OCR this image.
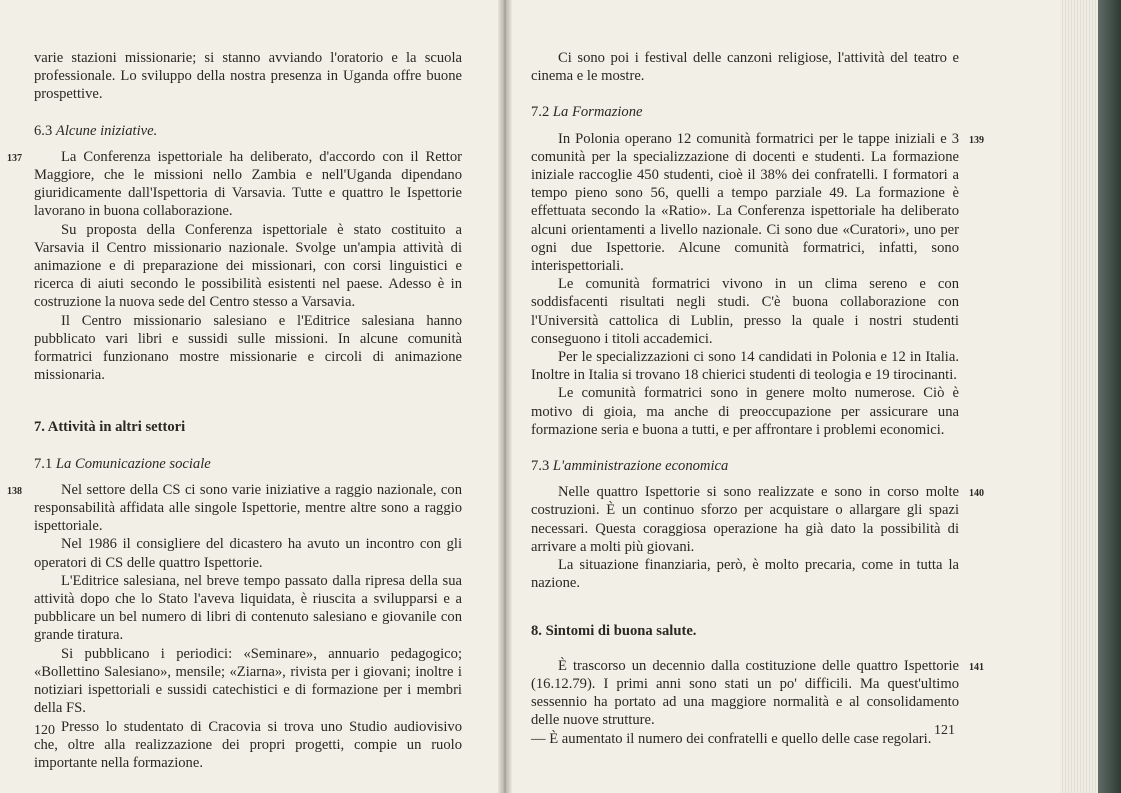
varie stazioni missionarie; si stanno avviando l'oratorio e la scuola professionale. Lo sviluppo della nostra presenza in Uganda offre buone prospettive.

6.3 Alcune iniziative.
137	La Conferenza ispettoriale ha deliberato, d'accordo con il Rettor Maggiore, che le missioni nello Zambia e nell'Uganda dipendano giuridicamente dall'Ispettoria di Varsavia. Tutte e quattro le Ispettorie lavorano in buona collaborazione.

Su proposta della Conferenza ispettoriale è stato costituito a Varsavia il Centro missionario nazionale. Svolge un'ampia attività di animazione e di preparazione dei missionari, con corsi linguistici e ricerca di aiuti secondo le possibilità esistenti nel paese. Adesso è in costruzione la nuova sede del Centro stesso a Varsavia.

Il Centro missionario salesiano e l'Editrice salesiana hanno pubblicato vari libri e sussidi sulle missioni. In alcune comunità formatrici funzionano mostre missionarie e circoli di animazione missionaria.

7. Attività in altri settori
7.1 La Comunicazione sociale
138	Nel settore della CS ci sono varie iniziative a raggio nazionale, con responsabilità affidata alle singole Ispettorie, mentre altre sono a raggio ispettoriale.

Nel 1986 il consigliere del dicastero ha avuto un incontro con gli operatori di CS delle quattro Ispettorie.

L'Editrice salesiana, nel breve tempo passato dalla ripresa della sua attività dopo che lo Stato l'aveva liquidata, è riuscita a svilupparsi e a pubblicare un bel numero di libri di contenuto salesiano e giovanile con grande tiratura.

Si pubblicano i periodici: «Seminare», annuario pedagogico; «Bollettino Salesiano», mensile; «Ziarna», rivista per i giovani; inoltre i notiziari ispettoriali e sussidi catechistici e di formazione per i membri della FS.

Presso lo studentato di Cracovia si trova uno Studio audiovisivo che, oltre alla realizzazione dei propri progetti, compie un ruolo importante nella formazione.

120

Ci sono poi i festival delle canzoni religiose, l'attività del teatro e cinema e le mostre.

7.2 La Formazione
139

In Polonia operano 12 comunità formatrici per le tappe iniziali e 3 comunità per la specializzazione di docenti e studenti. La formazione iniziale raccoglie 450 studenti, cioè il 38% dei confratelli. I formatori a tempo pieno sono 56, quelli a tempo parziale 49. La formazione è effettuata secondo la «Ratio». La Conferenza ispettoriale ha deliberato alcuni orientamenti a livello nazionale. Ci sono due «Curatori», uno per ogni due Ispettorie. Alcune comunità formatrici, infatti, sono interispettoriali.

Le comunità formatrici vivono in un clima sereno e con soddisfacenti risultati negli studi. C'è buona collaborazione con l'Università cattolica di Lublin, presso la quale i nostri studenti conseguono i titoli accademici.

Per le specializzazioni ci sono 14 candidati in Polonia e 12 in Italia. Inoltre in Italia si trovano 18 chierici studenti di teologia e 19 tirocinanti.

Le comunità formatrici sono in genere molto numerose. Ciò è motivo di gioia, ma anche di preoccupazione per assicurare una formazione seria e buona a tutti, e per affrontare i problemi economici.

7.3 L'amministrazione economica
140

Nelle quattro Ispettorie si sono realizzate e sono in corso molte costruzioni. È un continuo sforzo per acquistare o allargare gli spazi necessari. Questa coraggiosa operazione ha già dato la possibilità di arrivare a molti più giovani.

La situazione finanziaria, però, è molto precaria, come in tutta la nazione.

8. Sintomi di buona salute.
141

È trascorso un decennio dalla costituzione delle quattro Ispettorie (16.12.79). I primi anni sono stati un po' difficili. Ma quest'ultimo sessennio ha portato ad una maggiore normalità e al consolidamento delle nuove strutture.

— È aumentato il numero dei confratelli e quello delle case regolari. 121
